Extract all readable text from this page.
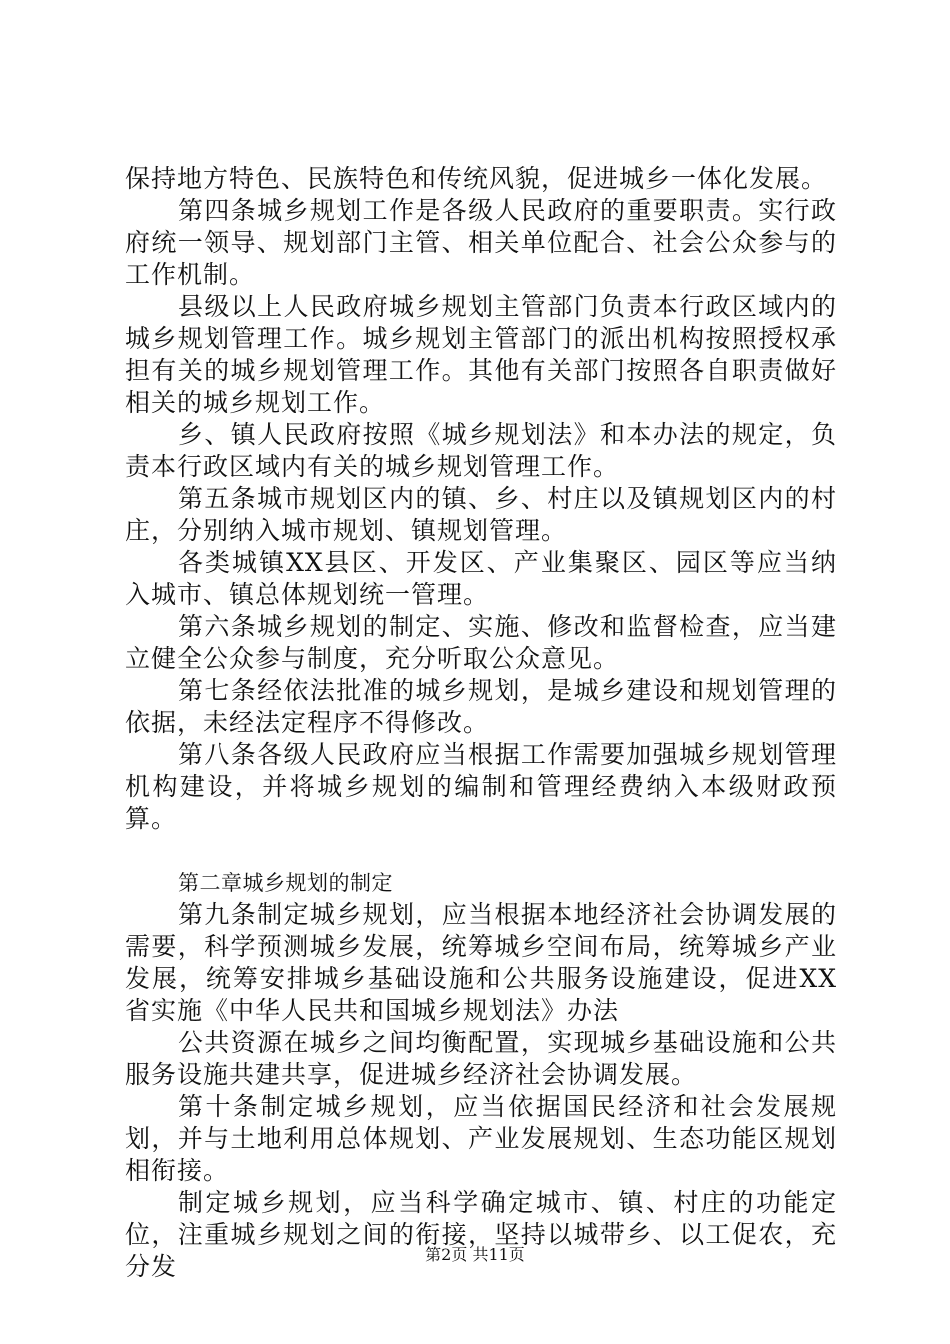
保持地方特色、民族特色和传统风貌，促进城乡一体化发展。

第四条城乡规划工作是各级人民政府的重要职责。实行政府统一领导、规划部门主管、相关单位配合、社会公众参与的工作机制。

县级以上人民政府城乡规划主管部门负责本行政区域内的城乡规划管理工作。城乡规划主管部门的派出机构按照授权承担有关的城乡规划管理工作。其他有关部门按照各自职责做好相关的城乡规划工作。

乡、镇人民政府按照《城乡规划法》和本办法的规定，负责本行政区域内有关的城乡规划管理工作。

第五条城市规划区内的镇、乡、村庄以及镇规划区内的村庄，分别纳入城市规划、镇规划管理。

各类城镇XX县区、开发区、产业集聚区、园区等应当纳入城市、镇总体规划统一管理。

第六条城乡规划的制定、实施、修改和监督检查，应当建立健全公众参与制度，充分听取公众意见。

第七条经依法批准的城乡规划，是城乡建设和规划管理的依据，未经法定程序不得修改。

第八条各级人民政府应当根据工作需要加强城乡规划管理机构建设，并将城乡规划的编制和管理经费纳入本级财政预算。

第二章城乡规划的制定

第九条制定城乡规划，应当根据本地经济社会协调发展的需要，科学预测城乡发展，统筹城乡空间布局，统筹城乡产业发展，统筹安排城乡基础设施和公共服务设施建设，促进XX省实施《中华人民共和国城乡规划法》办法

公共资源在城乡之间均衡配置，实现城乡基础设施和公共服务设施共建共享，促进城乡经济社会协调发展。

第十条制定城乡规划，应当依据国民经济和社会发展规划，并与土地利用总体规划、产业发展规划、生态功能区规划相衔接。

制定城乡规划，应当科学确定城市、镇、村庄的功能定位，注重城乡规划之间的衔接，坚持以城带乡、以工促农，充分发	第2页 共11页
